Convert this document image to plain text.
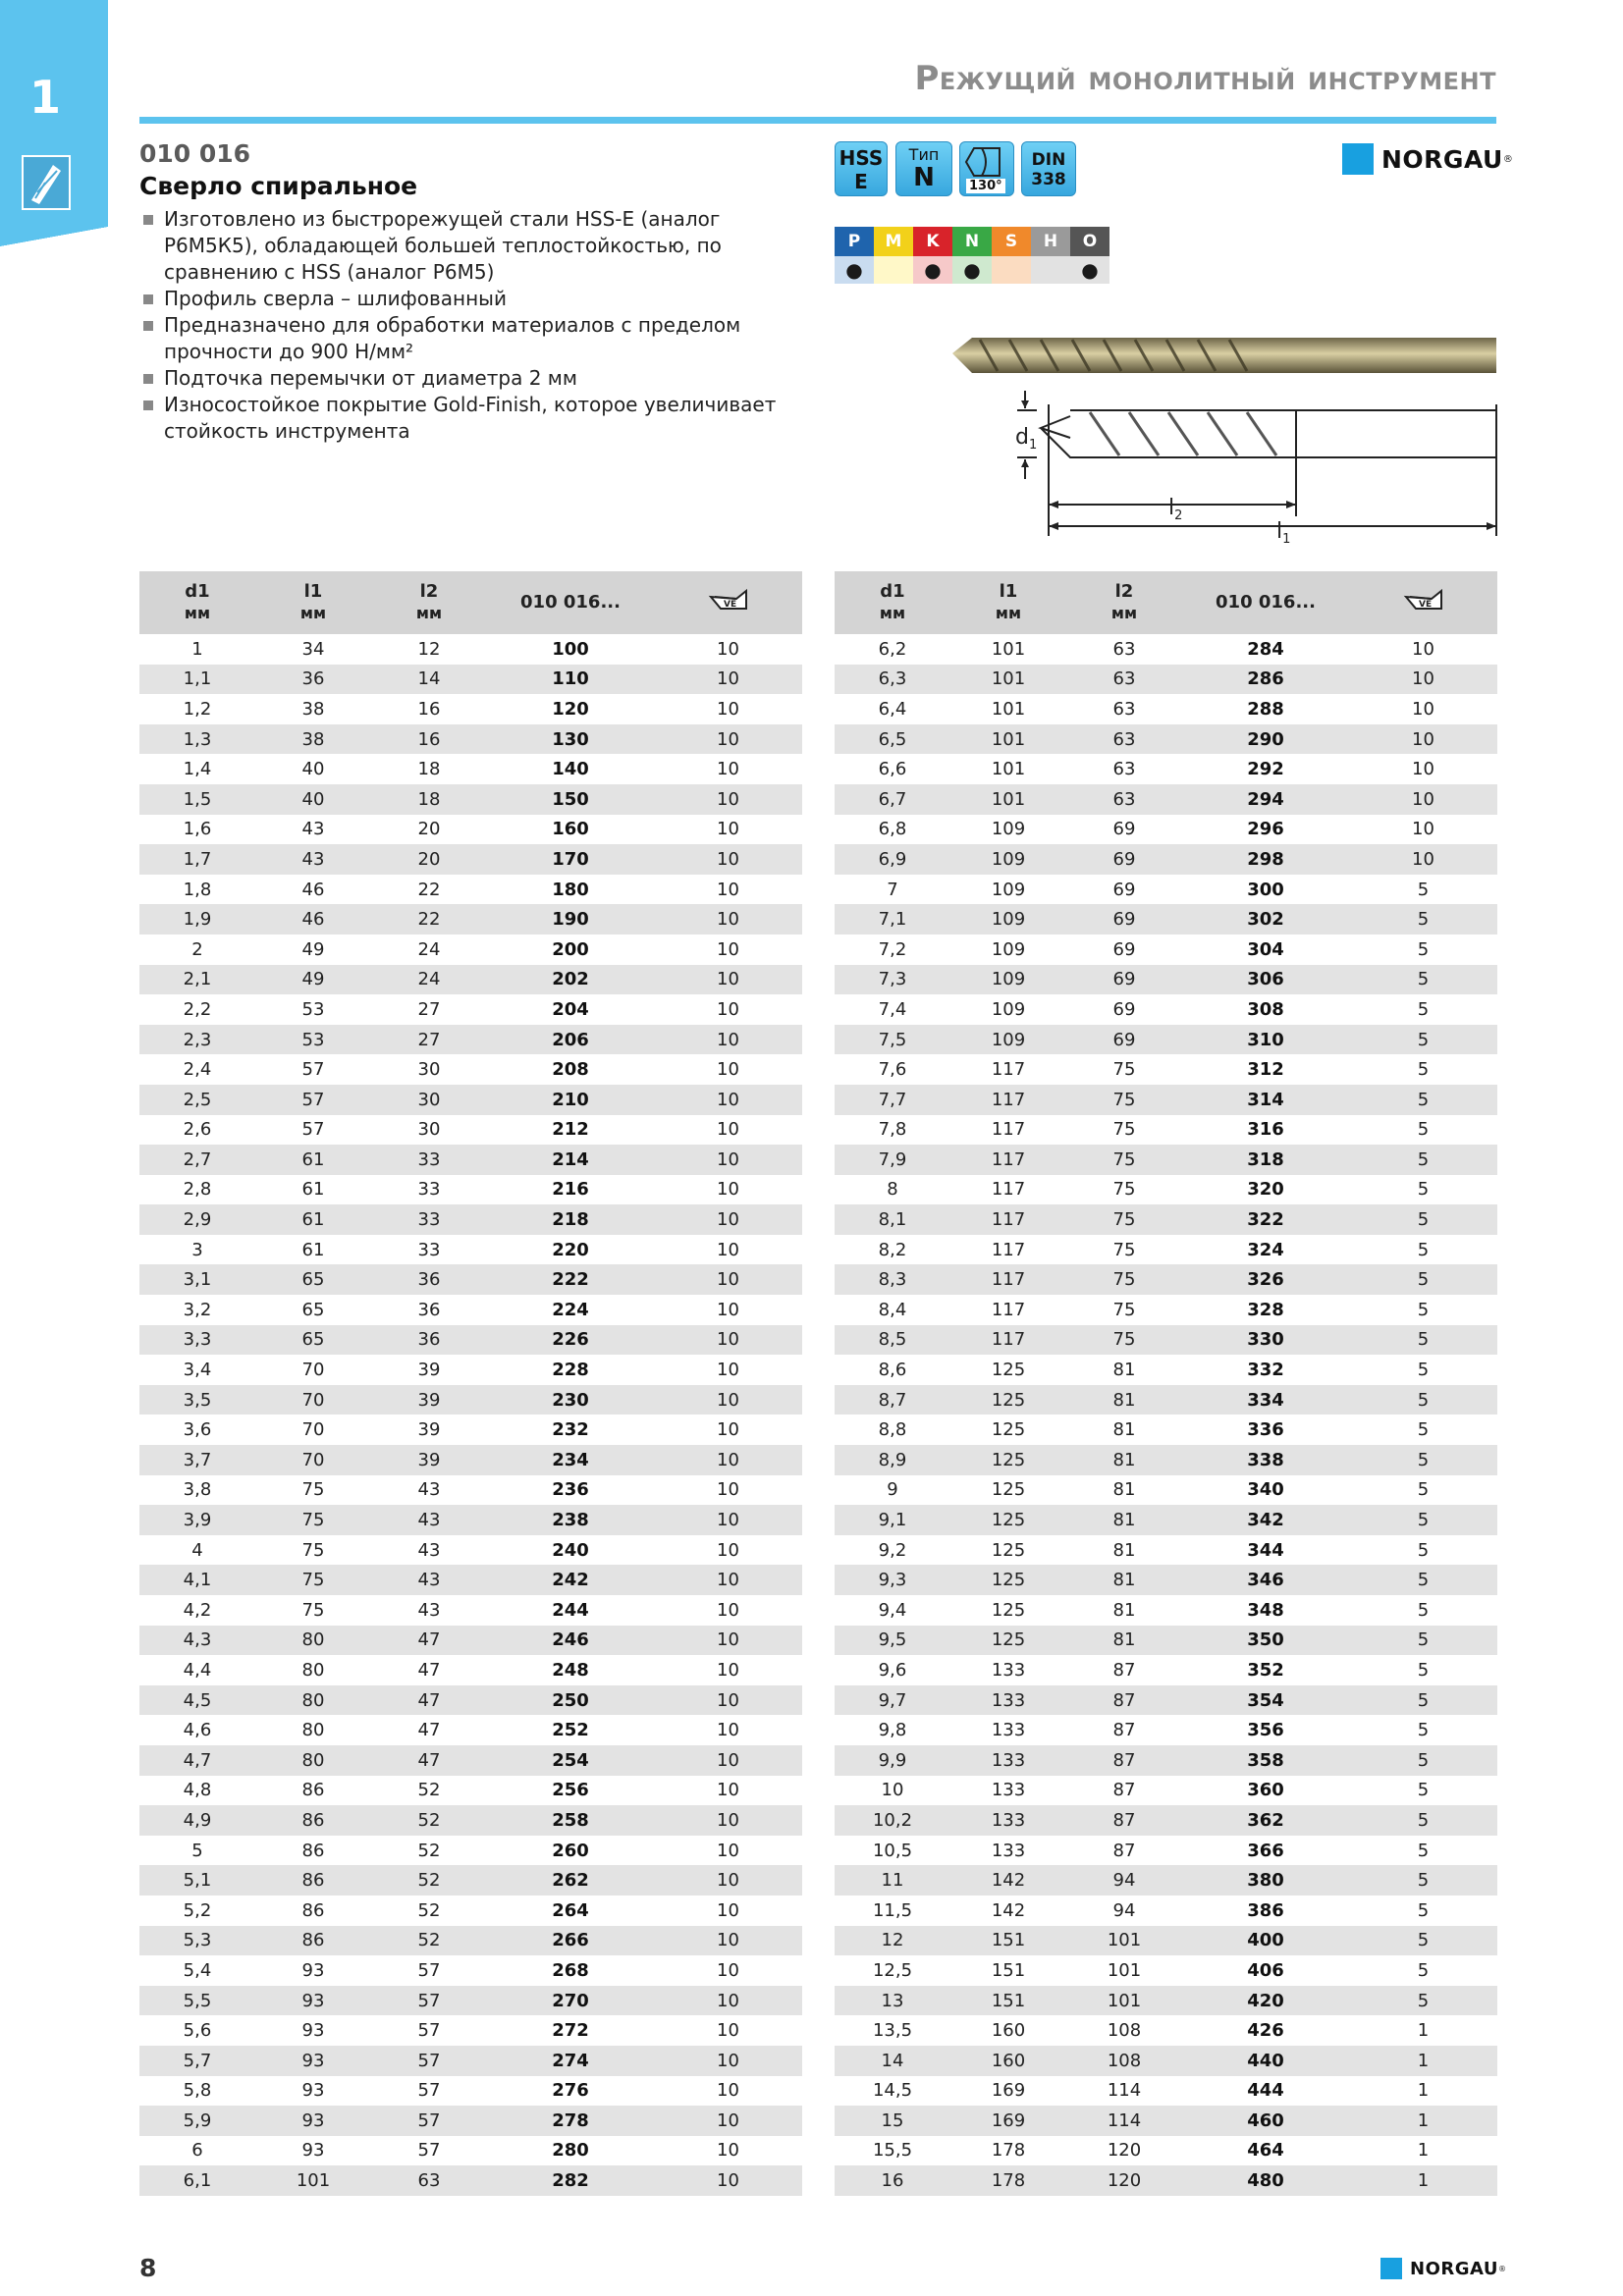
1	Режущий монолитный инструмент
010 016
Сверло спиральное
Изготовлено из быстрорежущей стали HSS-E (аналог Р6М5К5), обладающей большей теплостойкостью, по сравнению с HSS (аналог Р6М5)
Профиль сверла – шлифованный
Предназначено для обработки материалов с пределом прочности до 900 Н/мм²
Подточка перемычки от диаметра 2 мм
Износостойкое покрытие Gold-Finish, которое увеличивает стойкость инструмента
HSS
E
Тип
N	130°
DIN
338
P	M	K	N	S	H	O
●	●	●	●
NORGAU ®
$d_1$
$l_2$
$l_1$
d1
мм
l1
мм
l2
мм
010 016...	VE
1	34	12	100	10
1,1	36	14	110	10
1,2	38	16	120	10
1,3	38	16	130	10
1,4	40	18	140	10
1,5	40	18	150	10
1,6	43	20	160	10
1,7	43	20	170	10
1,8	46	22	180	10
1,9	46	22	190	10
2	49	24	200	10
2,1	49	24	202	10
2,2	53	27	204	10
2,3	53	27	206	10
2,4	57	30	208	10
2,5	57	30	210	10
2,6	57	30	212	10
2,7	61	33	214	10
2,8	61	33	216	10
2,9	61	33	218	10
3	61	33	220	10
3,1	65	36	222	10
3,2	65	36	224	10
3,3	65	36	226	10
3,4	70	39	228	10
3,5	70	39	230	10
3,6	70	39	232	10
3,7	70	39	234	10
3,8	75	43	236	10
3,9	75	43	238	10
4	75	43	240	10
4,1	75	43	242	10
4,2	75	43	244	10
4,3	80	47	246	10
4,4	80	47	248	10
4,5	80	47	250	10
4,6	80	47	252	10
4,7	80	47	254	10
4,8	86	52	256	10
4,9	86	52	258	10
5	86	52	260	10
5,1	86	52	262	10
5,2	86	52	264	10
5,3	86	52	266	10
5,4	93	57	268	10
5,5	93	57	270	10
5,6	93	57	272	10
5,7	93	57	274	10
5,8	93	57	276	10
5,9	93	57	278	10
6	93	57	280	10
6,1	101	63	282	10
d1
мм
l1
мм
l2
мм
010 016...	VE
6,2	101	63	284	10
6,3	101	63	286	10
6,4	101	63	288	10
6,5	101	63	290	10
6,6	101	63	292	10
6,7	101	63	294	10
6,8	109	69	296	10
6,9	109	69	298	10
7	109	69	300	5
7,1	109	69	302	5
7,2	109	69	304	5
7,3	109	69	306	5
7,4	109	69	308	5
7,5	109	69	310	5
7,6	117	75	312	5
7,7	117	75	314	5
7,8	117	75	316	5
7,9	117	75	318	5
8	117	75	320	5
8,1	117	75	322	5
8,2	117	75	324	5
8,3	117	75	326	5
8,4	117	75	328	5
8,5	117	75	330	5
8,6	125	81	332	5
8,7	125	81	334	5
8,8	125	81	336	5
8,9	125	81	338	5
9	125	81	340	5
9,1	125	81	342	5
9,2	125	81	344	5
9,3	125	81	346	5
9,4	125	81	348	5
9,5	125	81	350	5
9,6	133	87	352	5
9,7	133	87	354	5
9,8	133	87	356	5
9,9	133	87	358	5
10	133	87	360	5
10,2	133	87	362	5
10,5	133	87	366	5
11	142	94	380	5
11,5	142	94	386	5
12	151	101	400	5
12,5	151	101	406	5
13	151	101	420	5
13,5	160	108	426	1
14	160	108	440	1
14,5	169	114	444	1
15	169	114	460	1
15,5	178	120	464	1
16	178	120	480	1
8	NORGAU ®
